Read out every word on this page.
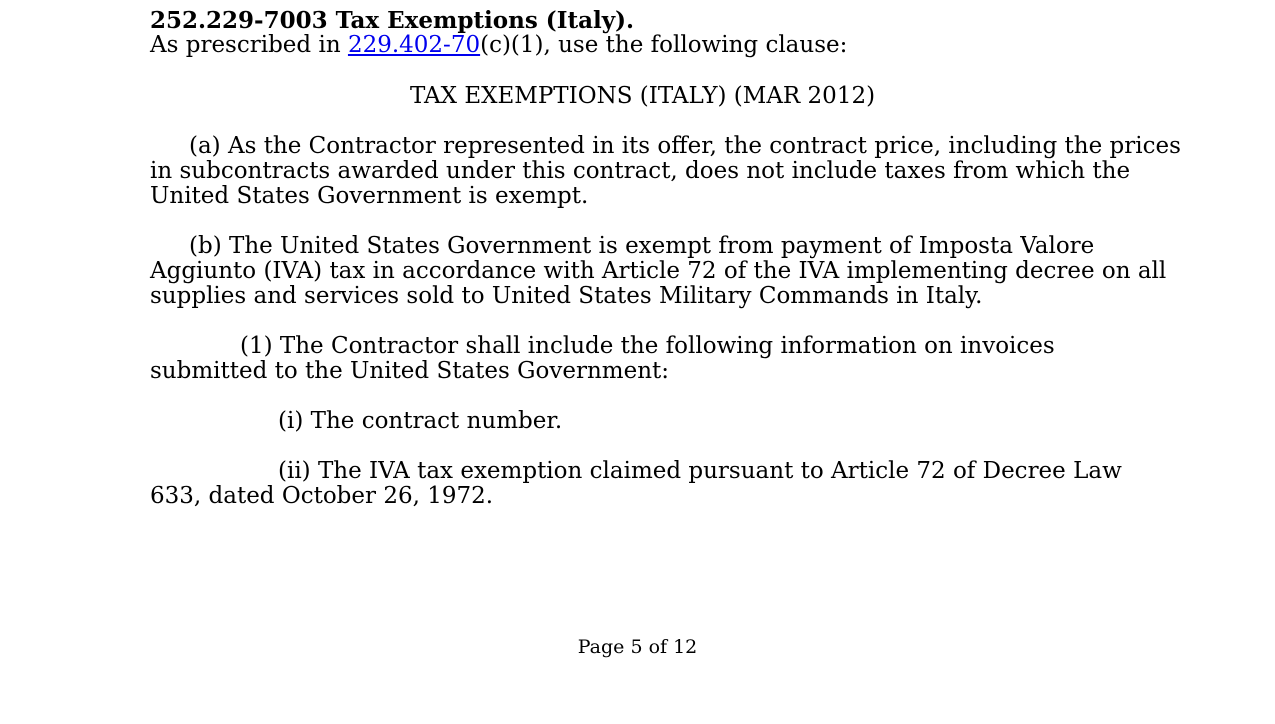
252.229-7003 Tax Exemptions (Italy).

As prescribed in 229.402-70(c)(1), use the following clause:

TAX EXEMPTIONS (ITALY) (MAR 2012)

(a) As the Contractor represented in its offer, the contract price, including the prices

in subcontracts awarded under this contract, does not include taxes from which the

United States Government is exempt.

(b) The United States Government is exempt from payment of Imposta Valore

Aggiunto (IVA) tax in accordance with Article 72 of the IVA implementing decree on all

supplies and services sold to United States Military Commands in Italy.

(1) The Contractor shall include the following information on invoices

submitted to the United States Government:

(i) The contract number.

(ii) The IVA tax exemption claimed pursuant to Article 72 of Decree Law

633, dated October 26, 1972.

Page 5 of 12
